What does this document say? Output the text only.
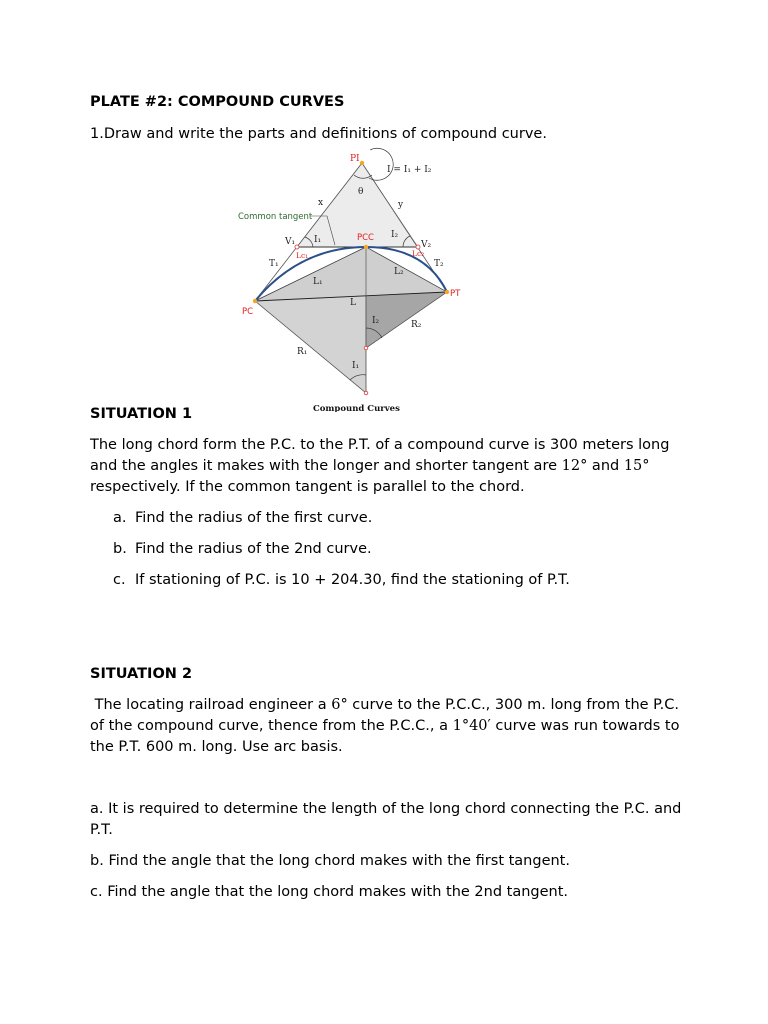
PLATE #2: COMPOUND CURVES

1.Draw and write the parts and definitions of compound curve.

PI
I = I₁ + I₂
θ
x	y
V₁	V₂
I₁	I₂
PCC
Lc₁	Lc₂
T₁	T₂
L₁
L₂
L
PC
PT
I₂	R₂
R₁
I₁
Common tangent
Compound Curves

SITUATION 1

The long chord form the P.C. to the P.T. of a compound curve is 300 meters long and the angles it makes with the longer and shorter tangent are 12° and 15° respectively. If the common tangent is parallel to the chord.

a. Find the radius of the first curve.
b. Find the radius of the 2nd curve.
c. If stationing of P.C. is 10 + 204.30, find the stationing of P.T.

SITUATION 2

The locating railroad engineer a 6° curve to the P.C.C., 300 m. long from the P.C. of the compound curve, thence from the P.C.C., a 1°40′ curve was run towards to the P.T. 600 m. long. Use arc basis.

a. It is required to determine the length of the long chord connecting the P.C. and P.T.

b. Find the angle that the long chord makes with the first tangent.

c. Find the angle that the long chord makes with the 2nd tangent.
